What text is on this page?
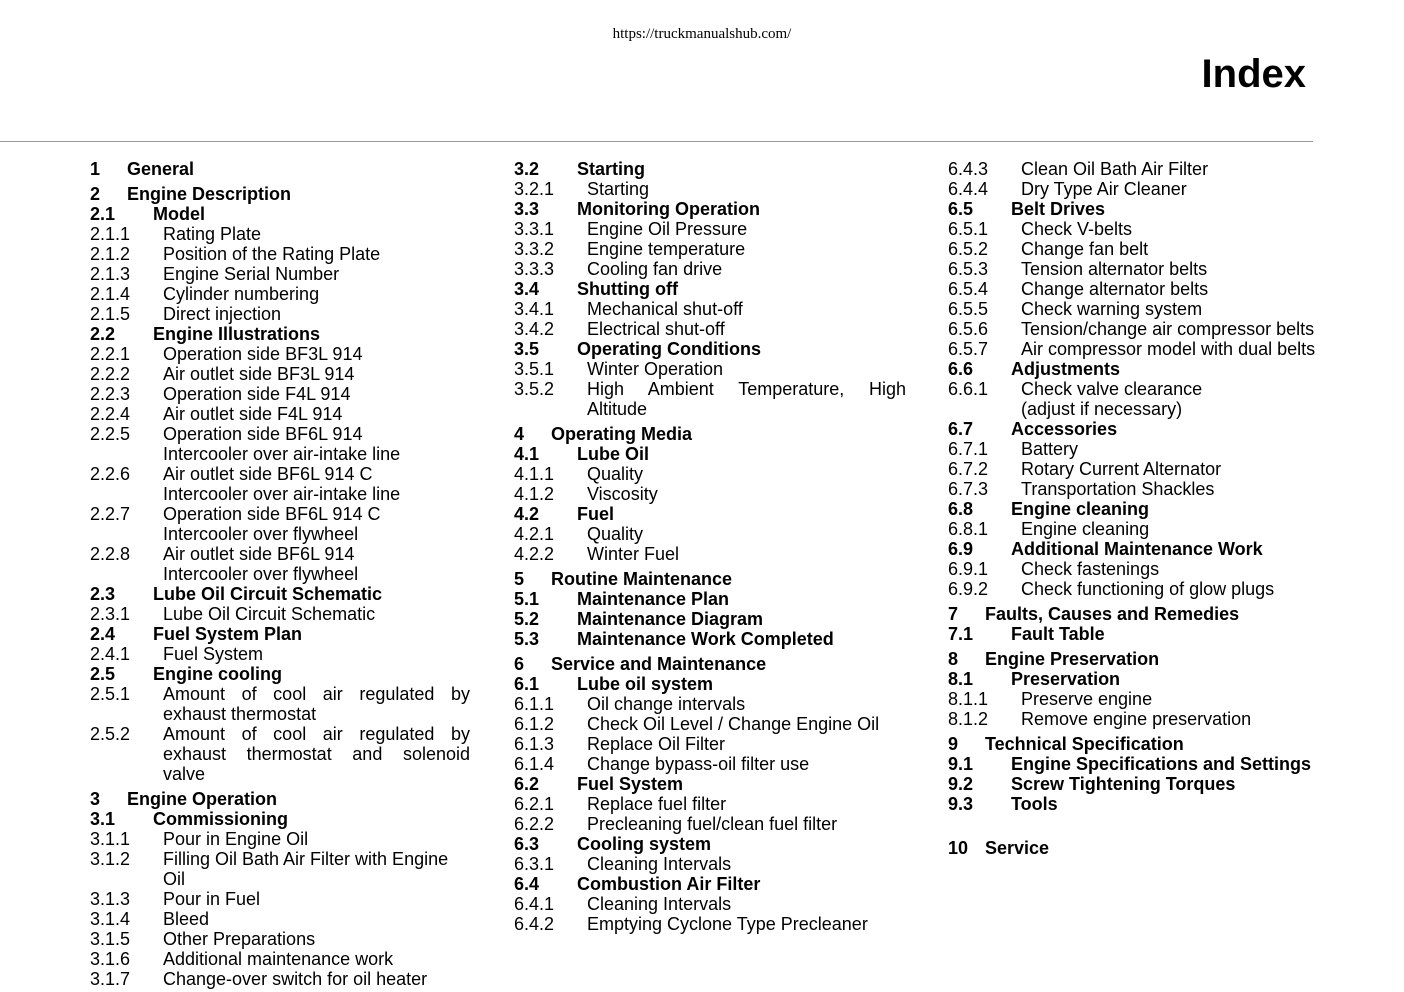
https://truckmanualshub.com/
Index
1	General
2	Engine Description
2.1	Model
2.1.1	Rating Plate
2.1.2	Position of the Rating Plate
2.1.3	Engine Serial Number
2.1.4	Cylinder numbering
2.1.5	Direct injection
2.2	Engine Illustrations
2.2.1	Operation side BF3L 914
2.2.2	Air outlet side BF3L 914
2.2.3	Operation side F4L 914
2.2.4	Air outlet side F4L 914
2.2.5	Operation side BF6L 914
Intercooler over air-intake line
2.2.6	Air outlet side BF6L 914 C
Intercooler over air-intake line
2.2.7	Operation side BF6L 914 C
Intercooler over flywheel
2.2.8	Air outlet side BF6L 914
Intercooler over flywheel
2.3	Lube Oil Circuit Schematic
2.3.1	Lube Oil Circuit Schematic
2.4	Fuel System Plan
2.4.1	Fuel System
2.5	Engine cooling
2.5.1	Amount of cool air regulated by exhaust thermostat
2.5.2	Amount of cool air regulated by exhaust thermostat and solenoid valve
3	Engine Operation
3.1	Commissioning
3.1.1	Pour in Engine Oil
3.1.2	Filling Oil Bath Air Filter with Engine Oil
3.1.3	Pour in Fuel
3.1.4	Bleed
3.1.5	Other Preparations
3.1.6	Additional maintenance work
3.1.7	Change-over switch for oil heater
3.2	Starting
3.2.1	Starting
3.3	Monitoring Operation
3.3.1	Engine Oil Pressure
3.3.2	Engine temperature
3.3.3	Cooling fan drive
3.4	Shutting off
3.4.1	Mechanical shut-off
3.4.2	Electrical shut-off
3.5	Operating Conditions
3.5.1	Winter Operation
3.5.2	High Ambient Temperature, High Altitude
4	Operating Media
4.1	Lube Oil
4.1.1	Quality
4.1.2	Viscosity
4.2	Fuel
4.2.1	Quality
4.2.2	Winter Fuel
5	Routine Maintenance
5.1	Maintenance Plan
5.2	Maintenance Diagram
5.3	Maintenance Work Completed
6	Service and Maintenance
6.1	Lube oil system
6.1.1	Oil change intervals
6.1.2	Check Oil Level / Change Engine Oil
6.1.3	Replace Oil Filter
6.1.4	Change bypass-oil filter use
6.2	Fuel System
6.2.1	Replace fuel filter
6.2.2	Precleaning fuel/clean fuel filter
6.3	Cooling system
6.3.1	Cleaning Intervals
6.4	Combustion Air Filter
6.4.1	Cleaning Intervals
6.4.2	Emptying Cyclone Type Precleaner
6.4.3	Clean Oil Bath Air Filter
6.4.4	Dry Type Air Cleaner
6.5	Belt Drives
6.5.1	Check V-belts
6.5.2	Change fan belt
6.5.3	Tension alternator belts
6.5.4	Change alternator belts
6.5.5	Check warning system
6.5.6	Tension/change air compressor belts
6.5.7	Air compressor model with dual belts
6.6	Adjustments
6.6.1	Check valve clearance
(adjust if necessary)
6.7	Accessories
6.7.1	Battery
6.7.2	Rotary Current Alternator
6.7.3	Transportation Shackles
6.8	Engine cleaning
6.8.1	Engine cleaning
6.9	Additional Maintenance Work
6.9.1	Check fastenings
6.9.2	Check functioning of glow plugs
7	Faults, Causes and Remedies
7.1	Fault Table
8	Engine Preservation
8.1	Preservation
8.1.1	Preserve engine
8.1.2	Remove engine preservation
9	Technical Specification
9.1	Engine Specifications and Settings
9.2	Screw Tightening Torques
9.3	Tools
10 Service
